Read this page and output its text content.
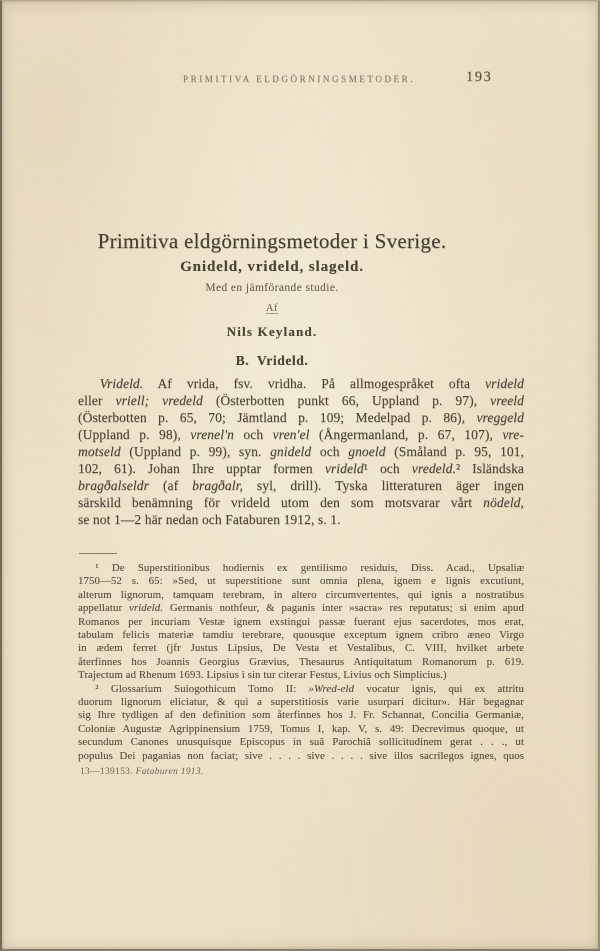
PRIMITIVA ELDGÖRNINGSMETODER.	193
Primitiva eldgörningsmetoder i Sverige.
Gnideld, vrideld, slageld.
Med en jämförande studie.
Af
Nils Keyland.
B.  Vrideld.
Vrideld. Af vrida, fsv. vridha. På allmogespråket ofta vrideld
eller vriell; vredeld (Österbotten punkt 66, Uppland p. 97), vreeld
(Österbotten p. 65, 70; Jämtland p. 109; Medelpad p. 86), vreggeld
(Uppland p. 98), vrenel'n och vren'el (Ångermanland, p. 67, 107), vre-
motseld (Uppland p. 99), syn. gnideld och gnoeld (Småland p. 95, 101,
102, 61). Johan Ihre upptar formen vrideld¹ och vredeld.² Isländska
bragðalseldr (af bragðalr, syl, drill). Tyska litteraturen äger ingen
särskild benämning för vrideld utom den som motsvarar vårt nödeld,
se not 1—2 här nedan och Fataburen 1912, s. 1.
¹ De Superstitionibus hodiernis ex gentilismo residuis, Diss. Acad., Upsaliæ
1750—52 s. 65: »Sed, ut superstitione sunt omnia plena, ignem e lignis excutiunt,
alterum lignorum, tamquam terebram, in altero circumvertentes, qui ignis a nostratibus
appellatur vrideld. Germanis nothfeur, & paganis inter »sacra» res reputatus; si enim apud
Romanos per incuriam Vestæ ignem exstingui passæ fuerant ejus sacerdotes, mos erat,
tabulam felicis materiæ tamdiu terebrare, quousque exceptum ignem cribro æneo Virgo
in ædem ferret (jfr Justus Lipsius, De Vesta et Vestalibus, C. VIII, hvilket arbete
återfinnes hos Joannis Georgius Grævius, Thesaurus Antiquitatum Romanorum p. 619.
Trajectum ad Rhenum 1693. Lipsius i sin tur citerar Festus, Livius och Simplicius.)
² Glossarium Suiogothicum Tomo II: »Wred-eld vocatur ignis, qui ex attritu
duorum lignorum eliciatur, & qui a superstitiosis varie usurpari dicitur». Här begagnar
sig Ihre tydligen af den definition som återfinnes hos J. Fr. Schannat, Concilia Germaniæ,
Coloniæ Augustæ Agrippinensium 1759, Tomus I, kap. V, s. 49: Decrevimus quoque, ut
secundum Canones unusquisque Episcopus in suâ Parochiâ sollicitudinem gerat . . ., ut
populus Dei paganias non faciat; sive . . . . sive . . . . sive illos sacrilegos ignes, quos
13—139153. Fataburen 1913.
